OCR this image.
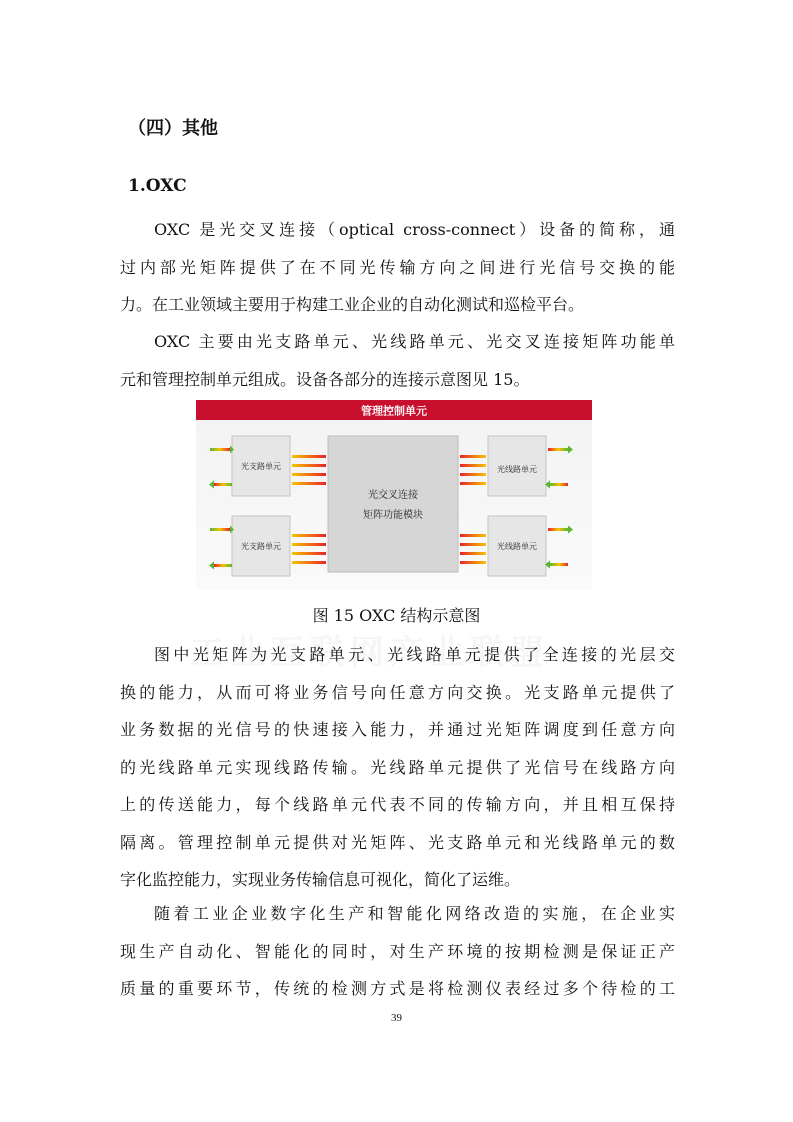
（四）其他
1.OXC

OXC 是光交叉连接（optical cross-connect）设备的简称，通
过内部光矩阵提供了在不同光传输方向之间进行光信号交换的能
力。在工业领域主要用于构建工业企业的自动化测试和巡检平台。

OXC 主要由光支路单元、光线路单元、光交叉连接矩阵功能单
元和管理控制单元组成。设备各部分的连接示意图见 15。

管理控制单元
光交叉连接
矩阵功能模块
光支路单元
光支路单元
光线路单元
光线路单元
图 15 OXC 结构示意图

图中光矩阵为光支路单元、光线路单元提供了全连接的光层交
换的能力，从而可将业务信号向任意方向交换。光支路单元提供了
业务数据的光信号的快速接入能力，并通过光矩阵调度到任意方向
的光线路单元实现线路传输。光线路单元提供了光信号在线路方向
上的传送能力，每个线路单元代表不同的传输方向，并且相互保持
隔离。管理控制单元提供对光矩阵、光支路单元和光线路单元的数
字化监控能力，实现业务传输信息可视化，简化了运维。

随着工业企业数字化生产和智能化网络改造的实施，在企业实
现生产自动化、智能化的同时，对生产环境的按期检测是保证正产
质量的重要环节，传统的检测方式是将检测仪表经过多个待检的工

39
